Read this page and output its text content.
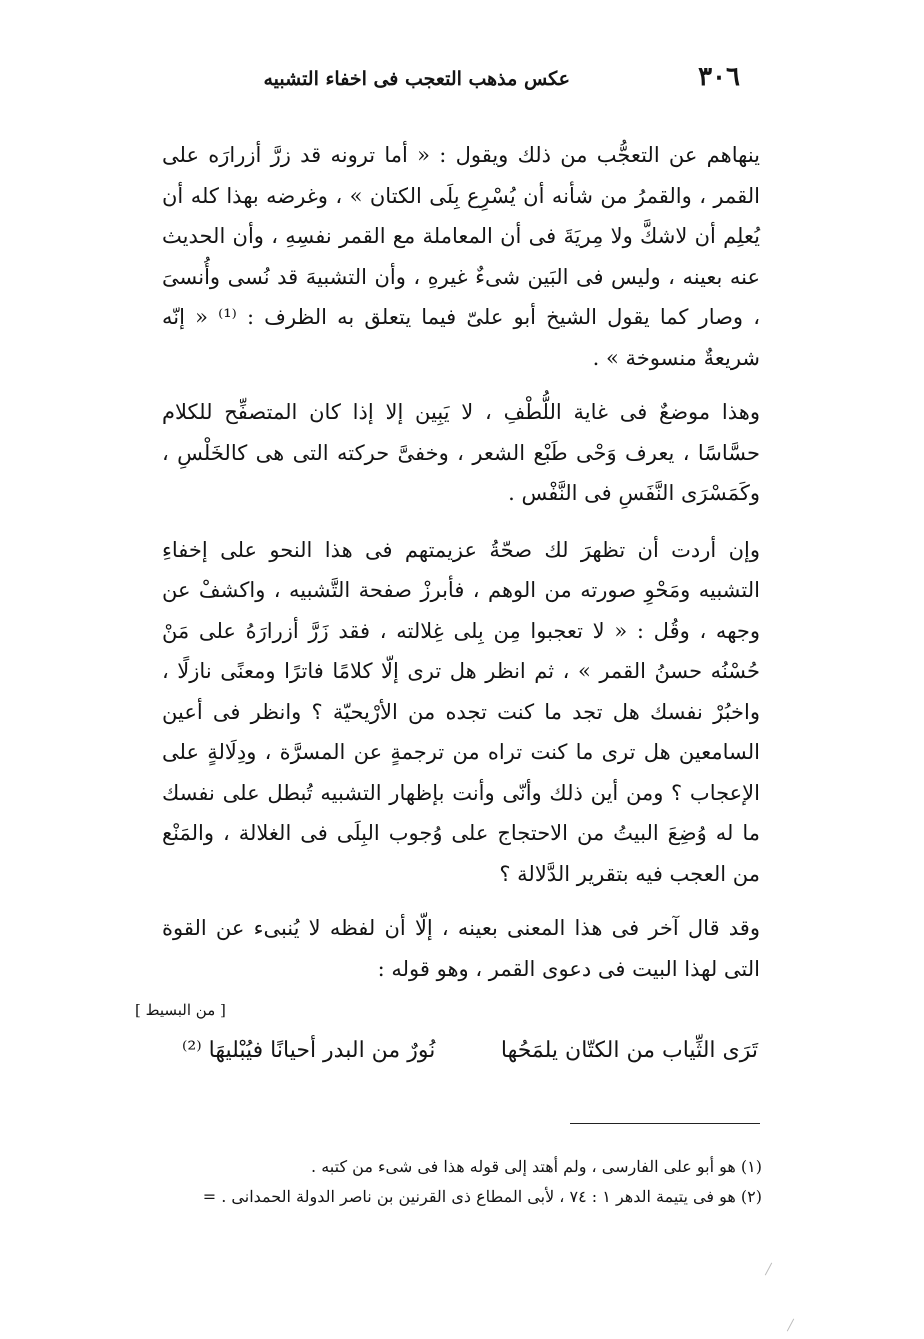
٣٠٦
عكس مذهب التعجب فى اخفاء التشبيه

ينهاهم عن التعجُّب من ذلك ويقول : « أما ترونه قد زرَّ أزرارَه على القمر ، والقمرُ من شأنه أن يُسْرِع بِلَى الكتان » ، وغرضه بهذا كله أن يُعلِم أن لاشكَّ ولا مِريَةَ فى أن المعاملة مع القمر نفسِهِ ، وأن الحديث عنه بعينه ، وليس فى البَين شىءٌ غيرهِ ، وأن التشبيهَ قد نُسى وأُنسىَ ، وصار كما يقول الشيخ أبو علىّ فيما يتعلق به الظرف : ⁽¹⁾ « إنّه شريعةٌ منسوخة » .

وهذا موضعٌ فى غاية اللُّطْفِ ، لا يَبِين إلا إذا كان المتصفِّح للكلام حسَّاسًا ، يعرف وَحْى طَبْع الشعر ، وخفىَّ حركته التى هى كالخَلْسِ ، وكَمَسْرَى النَّفَسِ فى النَّفْس .

وإن أردت أن تظهرَ لك صحّةُ عزيمتهم فى هذا النحو على إخفاءِ التشبيه ومَحْوِ صورته من الوهم ، فأبرزْ صفحة التَّشبيه ، واكشفْ عن وجهه ، وقُل : « لا تعجبوا مِن بِلى غِلالته ، فقد زَرَّ أزرارَهُ على مَنْ حُسْنُه حسنُ القمر » ، ثم انظر هل ترى إلّا كلامًا فاترًا ومعنًى نازلًا ، واخبُرْ نفسك هل تجد ما كنت تجده من الأرْيحيّة ؟ وانظر فى أعين السامعين هل ترى ما كنت تراه من ترجمةٍ عن المسرَّة ، ودِلَالةٍ على الإعجاب ؟ ومن أين ذلك وأنّى وأنت بإظهار التشبيه تُبطل على نفسك ما له وُضِعَ البيتُ من الاحتجاج على وُجوب البِلَى فى الغلالة ، والمَنْع من العجب فيه بتقرير الدَّلالة ؟

وقد قال آخر فى هذا المعنى بعينه ، إلّا أن لفظه لا يُنبىء عن القوة التى لهذا البيت فى دعوى القمر ، وهو قوله :

[ من البسيط ]
تَرَى الثِّياب من الكتّان يلمَحُها
نُورٌ من البدر أحيانًا فيُبْليهَا ⁽²⁾

(١) هو أبو على الفارسى ، ولم أهتد إلى قوله هذا فى شىء من كتبه .

(٢) هو فى يتيمة الدهر ١ : ٧٤ ، لأبى المطاع ذى القرنين بن ناصر الدولة الحمدانى . =
